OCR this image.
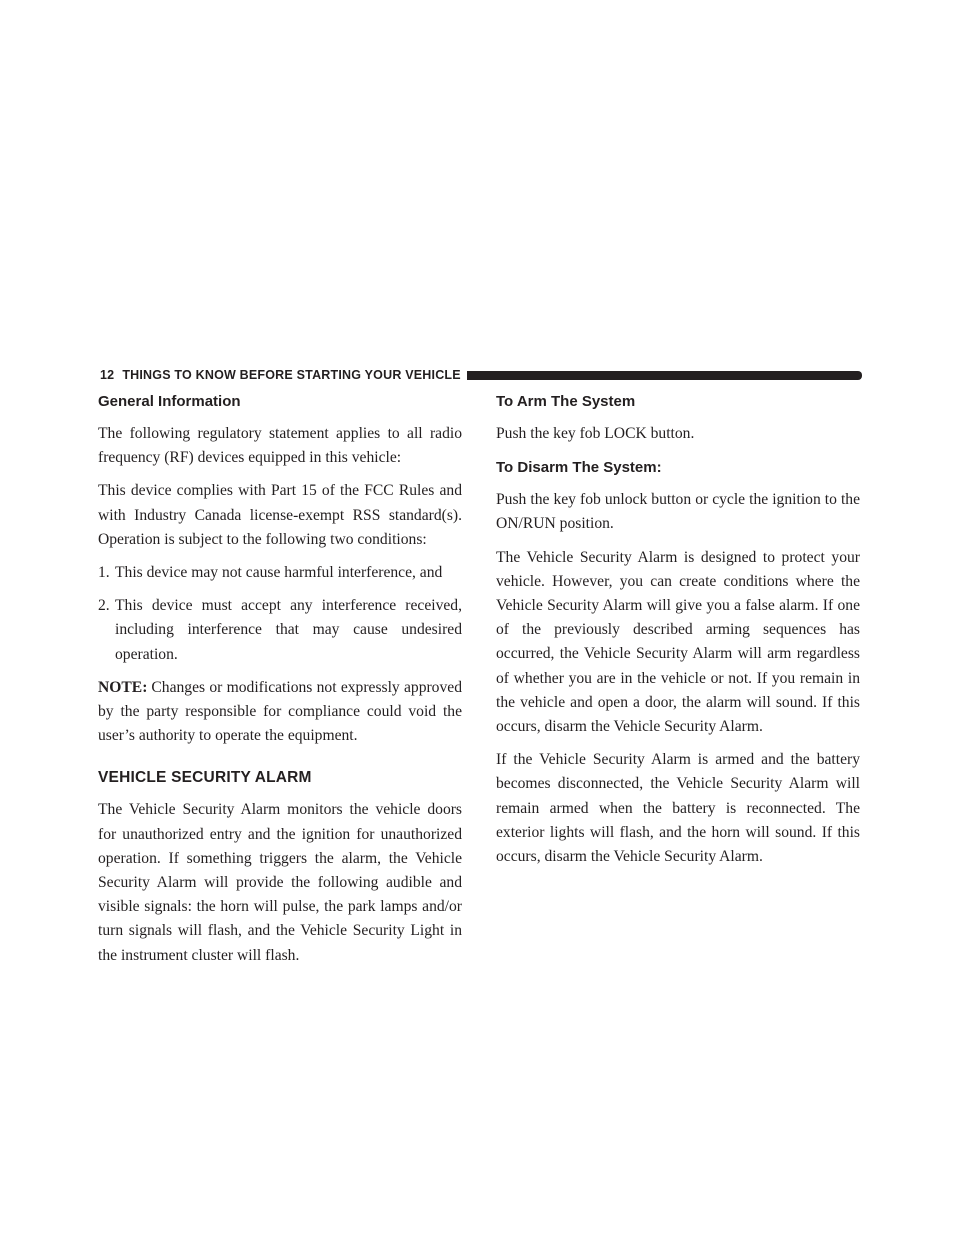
12 THINGS TO KNOW BEFORE STARTING YOUR VEHICLE
General Information

The following regulatory statement applies to all radio frequency (RF) devices equipped in this vehicle:

This device complies with Part 15 of the FCC Rules and with Industry Canada license-exempt RSS standard(s). Operation is subject to the following two conditions:

1. This device may not cause harmful interference, and
2. This device must accept any interference received, including interference that may cause undesired operation.

NOTE: Changes or modifications not expressly approved by the party responsible for compliance could void the user’s authority to operate the equipment.

VEHICLE SECURITY ALARM

The Vehicle Security Alarm monitors the vehicle doors for unauthorized entry and the ignition for unauthorized operation. If something triggers the alarm, the Vehicle Security Alarm will provide the following audible and visible signals: the horn will pulse, the park lamps and/or turn signals will flash, and the Vehicle Security Light in the instrument cluster will flash.

To Arm The System

Push the key fob LOCK button.

To Disarm The System:

Push the key fob unlock button or cycle the ignition to the ON/RUN position.

The Vehicle Security Alarm is designed to protect your vehicle. However, you can create conditions where the Vehicle Security Alarm will give you a false alarm. If one of the previously described arming sequences has occurred, the Vehicle Security Alarm will arm regardless of whether you are in the vehicle or not. If you remain in the vehicle and open a door, the alarm will sound. If this occurs, disarm the Vehicle Security Alarm.

If the Vehicle Security Alarm is armed and the battery becomes disconnected, the Vehicle Security Alarm will remain armed when the battery is reconnected. The exterior lights will flash, and the horn will sound. If this occurs, disarm the Vehicle Security Alarm.
